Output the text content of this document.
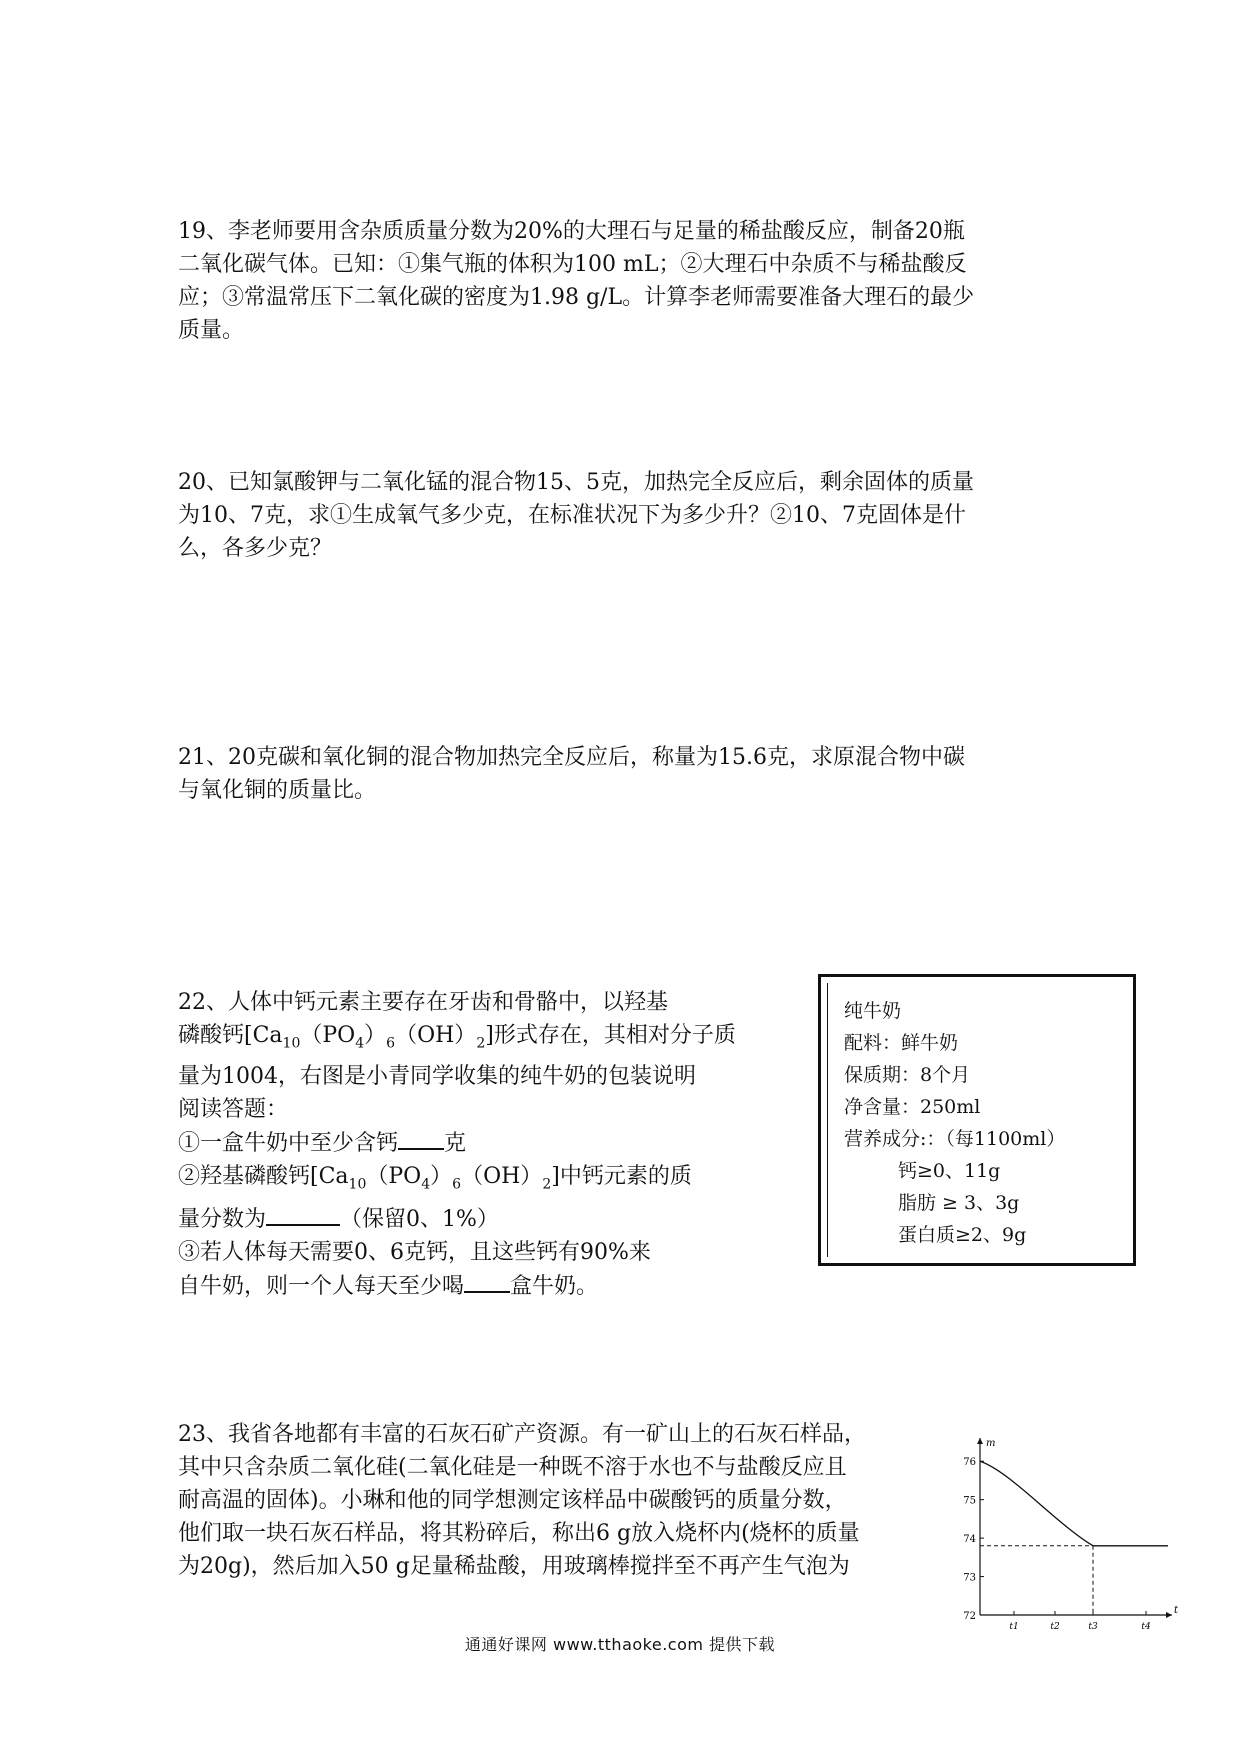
19、李老师要用含杂质质量分数为20%的大理石与足量的稀盐酸反应，制备20瓶

二氧化碳气体。已知：①集气瓶的体积为100 mL；②大理石中杂质不与稀盐酸反

应；③常温常压下二氧化碳的密度为1.98 g/L。计算李老师需要准备大理石的最少

质量。

20、已知氯酸钾与二氧化锰的混合物15、5克，加热完全反应后，剩余固体的质量

为10、7克，求①生成氧气多少克，在标准状况下为多少升？②10、7克固体是什

么，各多少克？

21、20克碳和氧化铜的混合物加热完全反应后，称量为15.6克，求原混合物中碳

与氧化铜的质量比。

22、人体中钙元素主要存在牙齿和骨骼中，以羟基

磷酸钙$[Ca_{10}(PO_4)_6(OH)_2]$形式存在，其相对分子质

量为1004，右图是小青同学收集的纯牛奶的包装说明

阅读答题：

①一盒牛奶中至少含钙 克

②羟基磷酸钙$[Ca_{10}(PO_4)_6(OH)_2]$中钙元素的质

量分数为	（保留0、1%）

③若人体每天需要0、6克钙，且这些钙有90%来

自牛奶，则一个人每天至少喝 盒牛奶。

纯牛奶
配料：鲜牛奶
保质期：8个月
净含量：250ml
营养成分:：（每1100ml）
钙≥0、11g
脂肪 ≥ 3、3g
蛋白质≥2、9g

23、我省各地都有丰富的石灰石矿产资源。有一矿山上的石灰石样品，

其中只含杂质二氧化硅(二氧化硅是一种既不溶于水也不与盐酸反应且

耐高温的固体)。小琳和他的同学想测定该样品中碳酸钙的质量分数，

他们取一块石灰石样品，将其粉碎后，称出6 g放入烧杯内(烧杯的质量

为20g)，然后加入50 g足量稀盐酸，用玻璃棒搅拌至不再产生气泡为

t
m
72
73
74
75
76
t1	t2	t3	t4
通通好课网 www.tthaoke.com 提供下载
